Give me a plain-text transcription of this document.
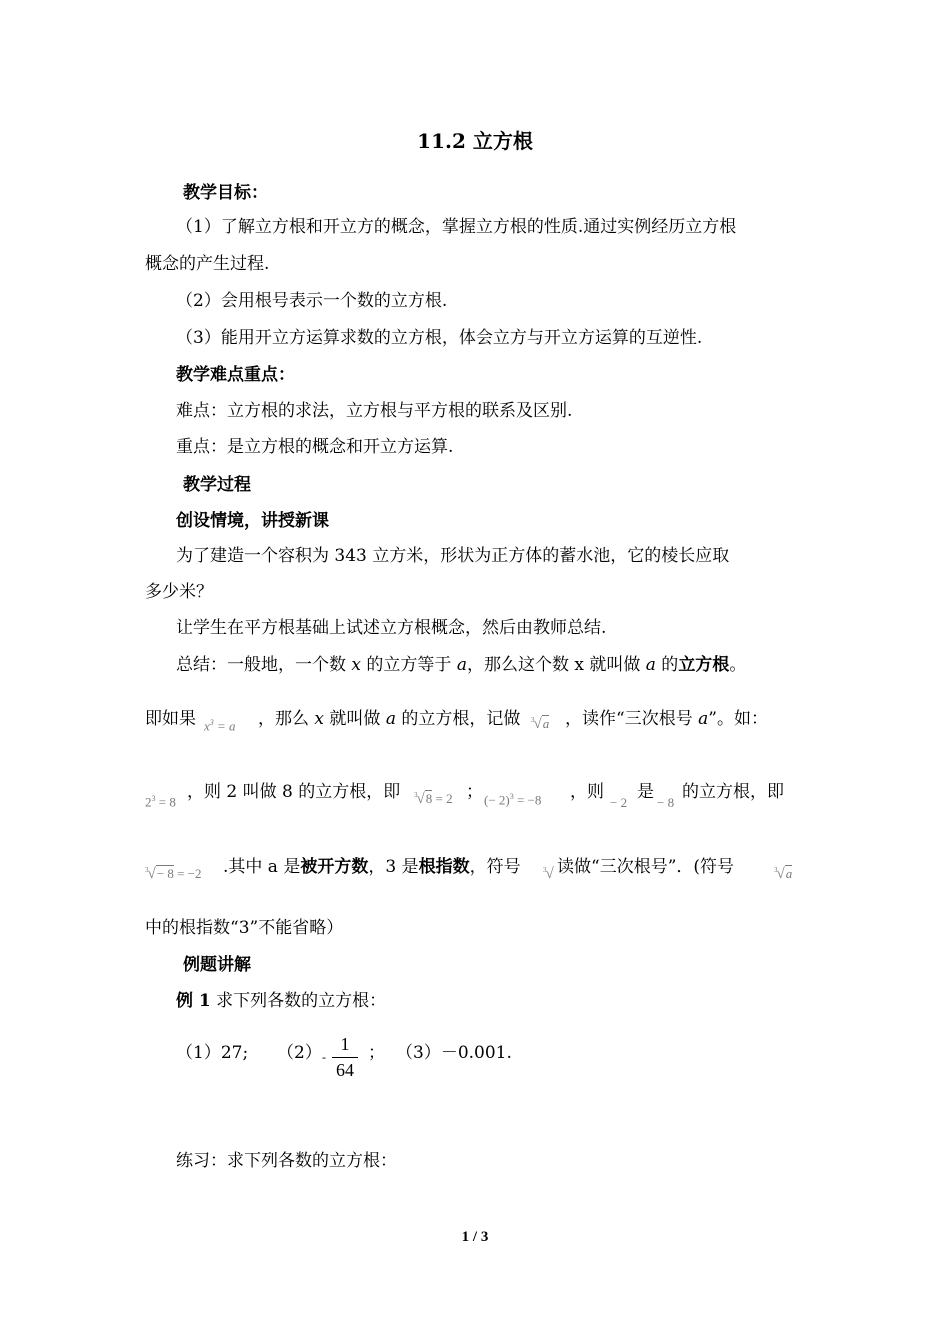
11.2 立方根
教学目标：
（1）了解立方根和开立方的概念，掌握立方根的性质.通过实例经历立方根
概念的产生过程.
（2）会用根号表示一个数的立方根.
（3）能用开立方运算求数的立方根，体会立方与开立方运算的互逆性.
教学难点重点：
难点：立方根的求法，立方根与平方根的联系及区别.
重点：是立方根的概念和开立方运算.
教学过程
创设情境，讲授新课
为了建造一个容积为 343 立方米，形状为正方体的蓄水池，它的棱长应取
多少米？
让学生在平方根基础上试述立方根概念，然后由教师总结.
总结：一般地，一个数 x 的立方等于 a，那么这个数 x 就叫做 a 的立方根。
即如果 $x^3 = a$ ，那么 x 就叫做 a 的立方根，记做 $^3$√a ，读作“三次根号 a”。如：
$2^3 = 8$ ，则 2 叫做 8 的立方根，即 $^3$√8 = 2 ； (− 2)$^3$ = −8 ，则
− 2
是
− 8
的立方根，即
$^3$√− 8 = −2 .其中 a 是被开方数，3 是根指数，符号	$^3$√ 读做“三次根号”．(符号	$^3$√a
中的根指数“3”不能省略）
例题讲解
例 1 求下列各数的立方根：
（1）27; （2） -
1
64
； （3）－0.001.
练习：求下列各数的立方根：
1 / 3
